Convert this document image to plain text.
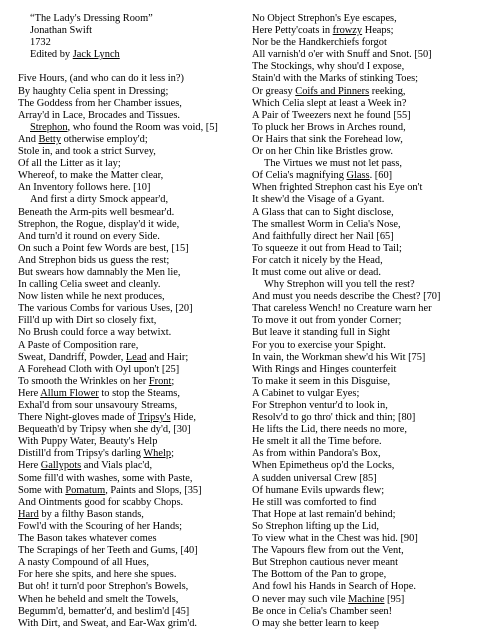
“The Lady's Dressing Room”
Jonathan Swift
1732
Edited by Jack Lynch
Five Hours, (and who can do it less in?)
By haughty Celia spent in Dressing;
The Goddess from her Chamber issues,
Array'd in Lace, Brocades and Tissues.
Strephon, who found the Room was void, [5]
And Betty otherwise employ'd;
Stole in, and took a strict Survey,
Of all the Litter as it lay;
Whereof, to make the Matter clear,
An Inventory follows here. [10]
And first a dirty Smock appear'd,
Beneath the Arm-pits well besmear'd.
Strephon, the Rogue, display'd it wide,
And turn'd it round on every Side.
On such a Point few Words are best, [15]
And Strephon bids us guess the rest;
But swears how damnably the Men lie,
In calling Celia sweet and cleanly.
Now listen while he next produces,
The various Combs for various Uses, [20]
Fill'd up with Dirt so closely fixt,
No Brush could force a way betwixt.
A Paste of Composition rare,
Sweat, Dandriff, Powder, Lead and Hair;
A Forehead Cloth with Oyl upon't [25]
To smooth the Wrinkles on her Front;
Here Allum Flower to stop the Steams,
Exhal'd from sour unsavoury Streams,
There Night-gloves made of Tripsy's Hide,
Bequeath'd by Tripsy when she dy'd, [30]
With Puppy Water, Beauty's Help
Distill'd from Tripsy's darling Whelp;
Here Gallypots and Vials plac'd,
Some fill'd with washes, some with Paste,
Some with Pomatum, Paints and Slops, [35]
And Ointments good for scabby Chops.
Hard by a filthy Bason stands,
Fowl'd with the Scouring of her Hands;
The Bason takes whatever comes
The Scrapings of her Teeth and Gums, [40]
A nasty Compound of all Hues,
For here she spits, and here she spues.
But oh! it turn'd poor Strephon's Bowels,
When he beheld and smelt the Towels,
Begumm'd, bematter'd, and beslim'd [45]
With Dirt, and Sweat, and Ear-Wax grim'd.
No Object Strephon's Eye escapes,
Here Petty'coats in frowzy Heaps;
Nor be the Handkerchiefs forgot
All varnish'd o'er with Snuff and Snot. [50]
The Stockings, why shou'd I expose,
Stain'd with the Marks of stinking Toes;
Or greasy Coifs and Pinners reeking,
Which Celia slept at least a Week in?
A Pair of Tweezers next he found [55]
To pluck her Brows in Arches round,
Or Hairs that sink the Forehead low,
Or on her Chin like Bristles grow.
The Virtues we must not let pass,
Of Celia's magnifying Glass. [60]
When frighted Strephon cast his Eye on't
It shew'd the Visage of a Gyant.
A Glass that can to Sight disclose,
The smallest Worm in Celia's Nose,
And faithfully direct her Nail [65]
To squeeze it out from Head to Tail;
For catch it nicely by the Head,
It must come out alive or dead.
Why Strephon will you tell the rest?
And must you needs describe the Chest? [70]
That careless Wench! no Creature warn her
To move it out from yonder Corner;
But leave it standing full in Sight
For you to exercise your Spight.
In vain, the Workman shew'd his Wit [75]
With Rings and Hinges counterfeit
To make it seem in this Disguise,
A Cabinet to vulgar Eyes;
For Strephon ventur'd to look in,
Resolv'd to go thro' thick and thin; [80]
He lifts the Lid, there needs no more,
He smelt it all the Time before.
As from within Pandora's Box,
When Epimetheus op'd the Locks,
A sudden universal Crew [85]
Of humane Evils upwards flew;
He still was comforted to find
That Hope at last remain'd behind;
So Strephon lifting up the Lid,
To view what in the Chest was hid. [90]
The Vapours flew from out the Vent,
But Strephon cautious never meant
The Bottom of the Pan to grope,
And fowl his Hands in Search of Hope.
O never may such vile Machine [95]
Be once in Celia's Chamber seen!
O may she better learn to keep
